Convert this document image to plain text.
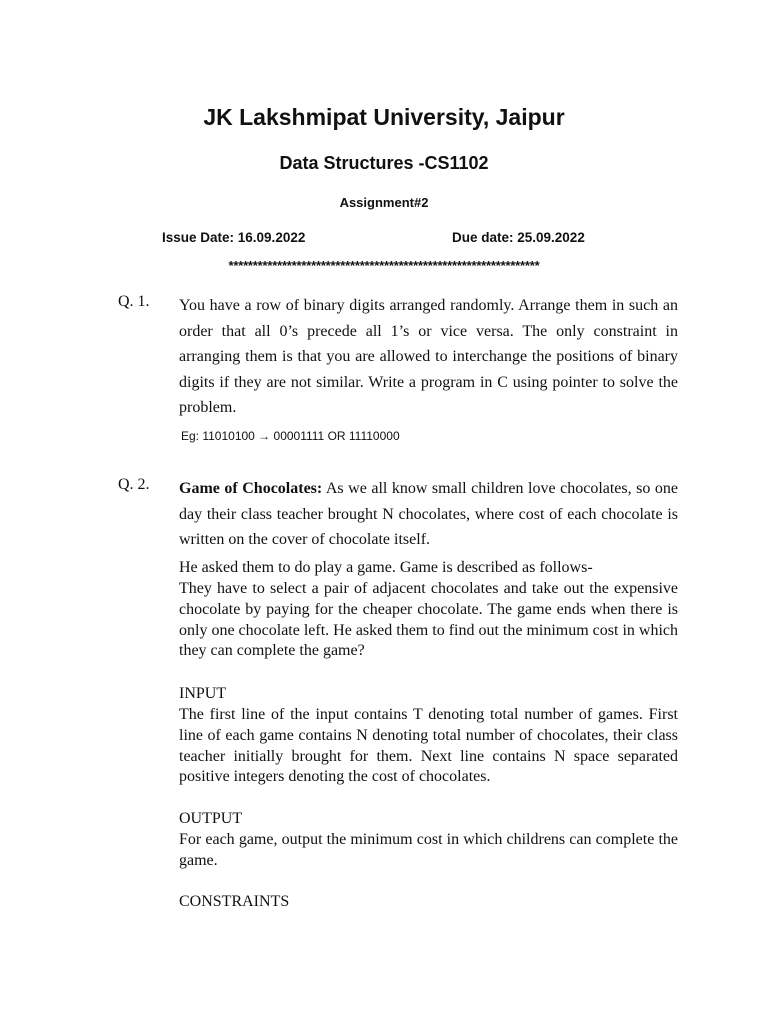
JK Lakshmipat University, Jaipur
Data Structures -CS1102
Assignment#2
Issue Date: 16.09.2022	Due date: 25.09.2022
****************************************************************
Q. 1. You have a row of binary digits arranged randomly. Arrange them in such an order that all 0’s precede all 1’s or vice versa. The only constraint in arranging them is that you are allowed to interchange the positions of binary digits if they are not similar. Write a program in C using pointer to solve the problem.
Eg: 11010100 → 00001111 OR 11110000
Q. 2. Game of Chocolates: As we all know small children love chocolates, so one day their class teacher brought N chocolates, where cost of each chocolate is written on the cover of chocolate itself.
He asked them to do play a game. Game is described as follows-
They have to select a pair of adjacent chocolates and take out the expensive chocolate by paying for the cheaper chocolate. The game ends when there is only one chocolate left. He asked them to find out the minimum cost in which they can complete the game?
INPUT
The first line of the input contains T denoting total number of games. First line of each game contains N denoting total number of chocolates, their class teacher initially brought for them. Next line contains N space separated positive integers denoting the cost of chocolates.
OUTPUT
For each game, output the minimum cost in which childrens can complete the game.
CONSTRAINTS
